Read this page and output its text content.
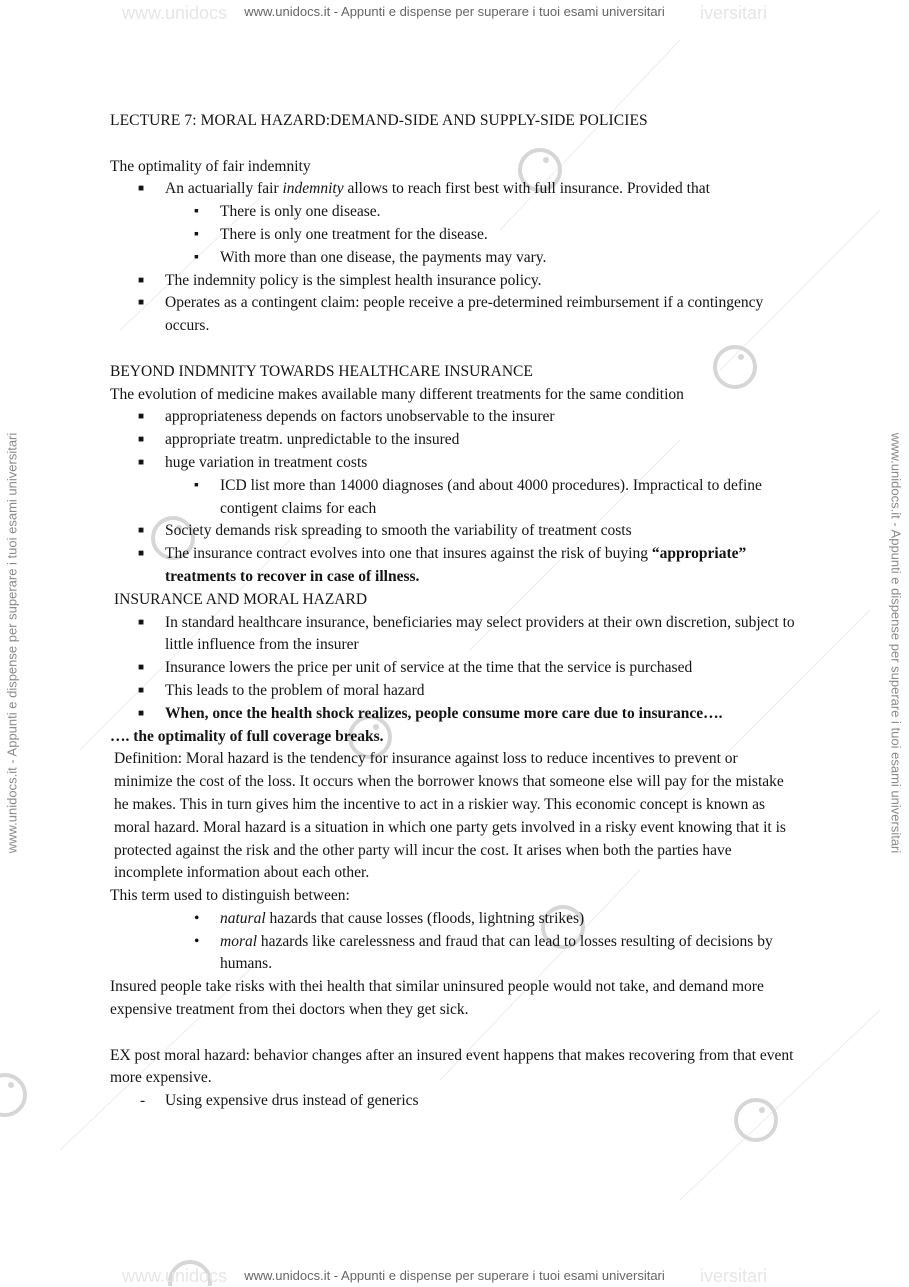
www.unidocs	iversitari
www.unidocs.it - Appunti e dispense per superare i tuoi esami universitari
www.unidocs	iversitari
www.unidocs.it - Appunti e dispense per superare i tuoi esami universitari
www.unidocs.it - Appunti e dispense per superare i tuoi esami universitari	www.unidocs.it - Appunti e dispense per superare i tuoi esami universitari
LECTURE 7: MORAL HAZARD:DEMAND-SIDE AND SUPPLY-SIDE POLICIES
The optimality of fair indemnity
■ An actuarially fair indemnity allows to reach first best with full insurance. Provided that
▪ There is only one disease.
▪ There is only one treatment for the disease.
▪ With more than one disease, the payments may vary.
■ The indemnity policy is the simplest health insurance policy.
■ Operates as a contingent claim: people receive a pre-determined reimbursement if a contingency occurs.
BEYOND INDMNITY TOWARDS HEALTHCARE INSURANCE
The evolution of medicine makes available many different treatments for the same condition
■ appropriateness depends on factors unobservable to the insurer
■ appropriate treatm. unpredictable to the insured
■ huge variation in treatment costs
▪ ICD list more than 14000 diagnoses (and about 4000 procedures). Impractical to define contigent claims for each
■ Society demands risk spreading to smooth the variability of treatment costs
■ The insurance contract evolves into one that insures against the risk of buying “appropriate” treatments to recover in case of illness.
INSURANCE AND MORAL HAZARD
■ In standard healthcare insurance, beneficiaries may select providers at their own discretion, subject to little influence from the insurer
■ Insurance lowers the price per unit of service at the time that the service is purchased
■ This leads to the problem of moral hazard
■ When, once the health shock realizes, people consume more care due to insurance….
…. the optimality of full coverage breaks.
Definition: Moral hazard is the tendency for insurance against loss to reduce incentives to prevent or minimize the cost of the loss. It occurs when the borrower knows that someone else will pay for the mistake he makes. This in turn gives him the incentive to act in a riskier way. This economic concept is known as moral hazard. Moral hazard is a situation in which one party gets involved in a risky event knowing that it is protected against the risk and the other party will incur the cost. It arises when both the parties have incomplete information about each other.
This term used to distinguish between:
• natural hazards that cause losses (floods, lightning strikes)
• moral hazards like carelessness and fraud that can lead to losses resulting of decisions by humans.
Insured people take risks with thei health that similar uninsured people would not take, and demand more expensive treatment from thei doctors when they get sick.
EX post moral hazard: behavior changes after an insured event happens that makes recovering from that event more expensive.
- Using expensive drus instead of generics
